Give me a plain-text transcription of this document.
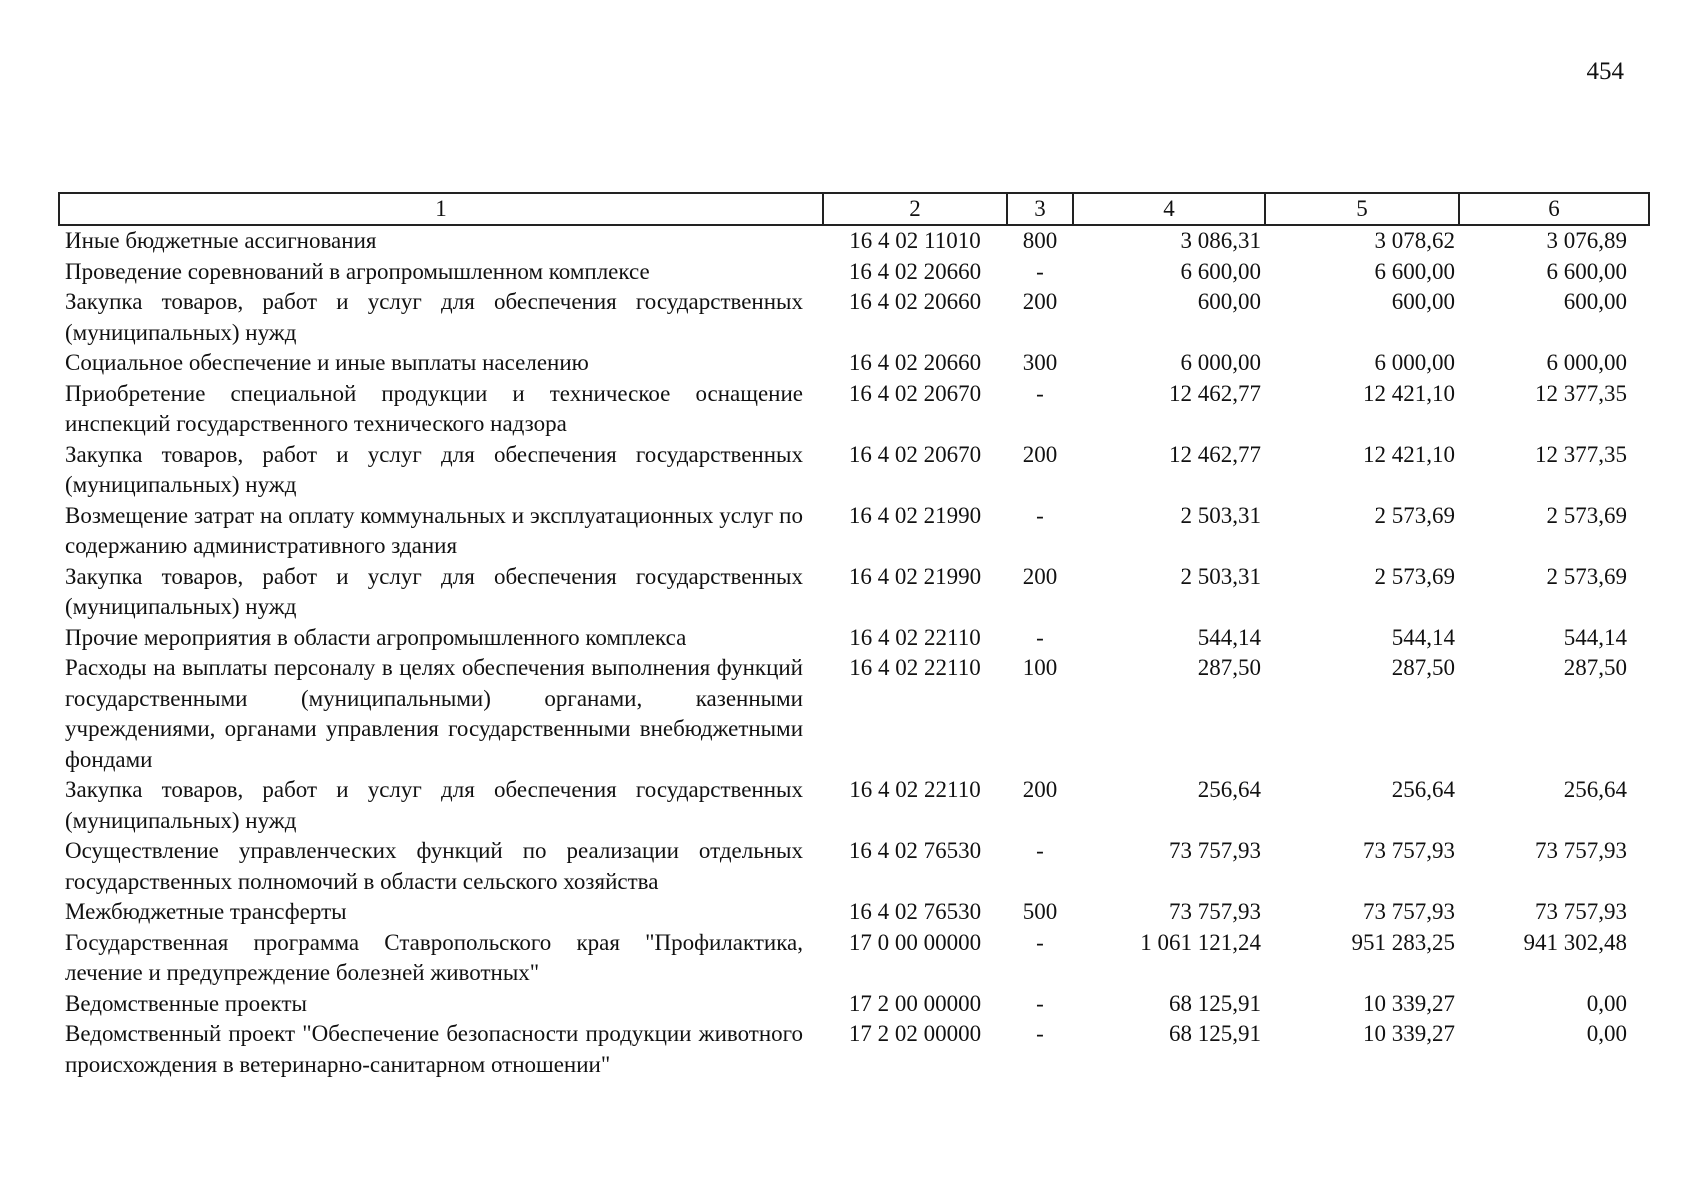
454
1	2	3	4	5	6
Иные бюджетные ассигнования	16 4 02 11010	800	3 086,31	3 078,62	3 076,89
Проведение соревнований в агропромышленном комплексе	16 4 02 20660	-	6 600,00	6 600,00	6 600,00
Закупка товаров, работ и услуг для обеспечения государственных (муниципальных) нужд	16 4 02 20660	200	600,00	600,00	600,00
Социальное обеспечение и иные выплаты населению	16 4 02 20660	300	6 000,00	6 000,00	6 000,00
Приобретение специальной продукции и техническое оснащение инспекций государственного технического надзора	16 4 02 20670	-	12 462,77	12 421,10	12 377,35
Закупка товаров, работ и услуг для обеспечения государственных (муниципальных) нужд	16 4 02 20670	200	12 462,77	12 421,10	12 377,35
Возмещение затрат на оплату коммунальных и эксплуатационных услуг по содержанию административного здания	16 4 02 21990	-	2 503,31	2 573,69	2 573,69
Закупка товаров, работ и услуг для обеспечения государственных (муниципальных) нужд	16 4 02 21990	200	2 503,31	2 573,69	2 573,69
Прочие мероприятия в области агропромышленного комплекса	16 4 02 22110	-	544,14	544,14	544,14
Расходы на выплаты персоналу в целях обеспечения выполнения функций государственными (муниципальными) органами, казенными учреждениями, органами управления государственными внебюджетными фондами	16 4 02 22110	100	287,50	287,50	287,50
Закупка товаров, работ и услуг для обеспечения государственных (муниципальных) нужд	16 4 02 22110	200	256,64	256,64	256,64
Осуществление управленческих функций по реализации отдельных государственных полномочий в области сельского хозяйства	16 4 02 76530	-	73 757,93	73 757,93	73 757,93
Межбюджетные трансферты	16 4 02 76530	500	73 757,93	73 757,93	73 757,93
Государственная программа Ставропольского края "Профилактика, лечение и предупреждение болезней животных"	17 0 00 00000	-	1 061 121,24	951 283,25	941 302,48
Ведомственные проекты	17 2 00 00000	-	68 125,91	10 339,27	0,00
Ведомственный проект "Обеспечение безопасности продукции животного происхождения в ветеринарно-санитарном отношении"	17 2 02 00000	-	68 125,91	10 339,27	0,00
